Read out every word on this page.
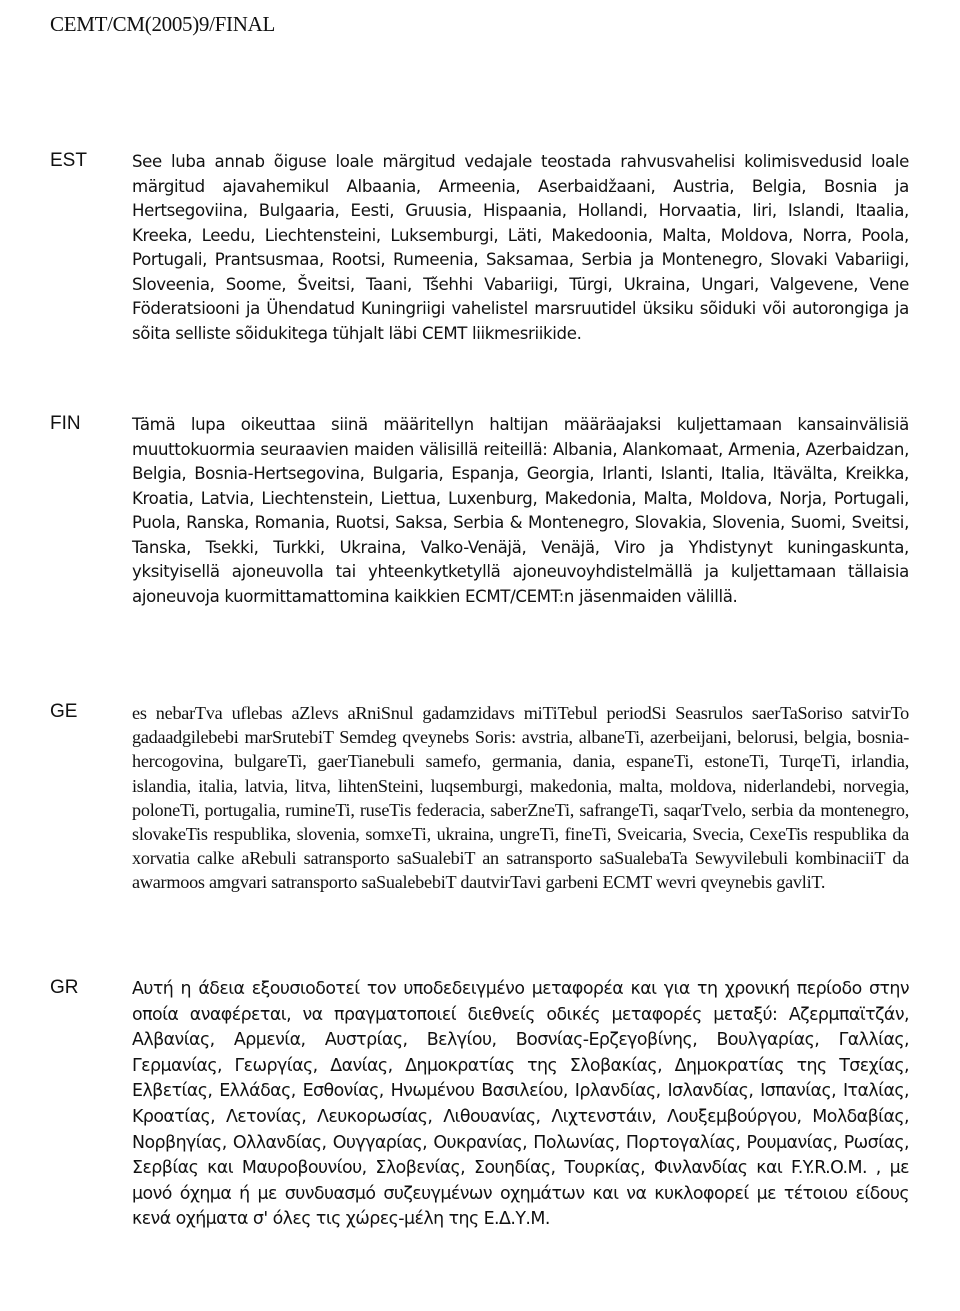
CEMT/CM(2005)9/FINAL
EST	See luba annab õiguse loale märgitud vedajale teostada rahvusvahelisi kolimisvedusid loale märgitud ajavahemikul Albaania, Armeenia, Aserbaidžaani, Austria, Belgia, Bosnia ja Hertsegoviina, Bulgaaria, Eesti, Gruusia, Hispaania, Hollandi, Horvaatia, Iiri, Islandi, Itaalia, Kreeka, Leedu, Liechtensteini, Luksemburgi, Läti, Makedoonia, Malta, Moldova, Norra, Poola, Portugali, Prantsusmaa, Rootsi, Rumeenia, Saksamaa, Serbia ja Montenegro, Slovaki Vabariigi, Sloveenia, Soome, Šveitsi, Taani, Tšehhi Vabariigi, Türgi, Ukraina, Ungari, Valgevene, Vene Föderatsiooni ja Ühendatud Kuningriigi vahelistel marsruutidel üksiku sõiduki või autorongiga ja sõita selliste sõidukitega tühjalt läbi CEMT liikmesriikide.

FIN	Tämä lupa oikeuttaa siinä määritellyn haltijan määräajaksi kuljettamaan kansainvälisiä muuttokuormia seuraavien maiden välisillä reiteillä: Albania, Alankomaat, Armenia, Azerbaidzan, Belgia, Bosnia-Hertsegovina, Bulgaria, Espanja, Georgia, Irlanti, Islanti, Italia, Itävälta, Kreikka, Kroatia, Latvia, Liechtenstein, Liettua, Luxenburg, Makedonia, Malta, Moldova, Norja, Portugali, Puola, Ranska, Romania, Ruotsi, Saksa, Serbia & Montenegro, Slovakia, Slovenia, Suomi, Sveitsi, Tanska, Tsekki, Turkki, Ukraina, Valko-Venäjä, Venäjä, Viro ja Yhdistynyt kuningaskunta, yksityisellä ajoneuvolla tai yhteenkytketyllä ajoneuvoyhdistelmällä ja kuljettamaan tällaisia ajoneuvoja kuormittamattomina kaikkien ECMT/CEMT:n jäsenmaiden välillä.

GE	es nebarTva uflebas aZlevs aRniSnul gadamzidavs miTiTebul periodSi Seasrulos saerTaSoriso satvirTo gadaadgilebebi marSrutebiT Semdeg qveynebs Soris: avstria, albaneTi, azerbeijani, belorusi, belgia, bosnia-hercogovina, bulgareTi, gaerTianebuli samefo, germania, dania, espaneTi, estoneTi, TurqeTi, irlandia, islandia, italia, latvia, litva, lihtenSteini, luqsemburgi, makedonia, malta, moldova, niderlandebi, norvegia, poloneTi, portugalia, rumineTi, ruseTis federacia, saberZneTi, safrangeTi, saqarTvelo, serbia da montenegro, slovakeTis respublika, slovenia, somxeTi, ukraina, ungreTi, fineTi, Sveicaria, Svecia, CexeTis respublika da xorvatia calke aRebuli satransporto saSualebiT an satransporto saSualebaTa Sewyvilebuli kombinaciiT da awarmoos amgvari satransporto saSualebebiT dautvirTavi garbeni ECMT wevri qveynebis gavliT.

GR	Αυτή η άδεια εξουσιοδοτεί τον υποδεδειγμένο μεταφορέα και για τη χρονική περίοδο στην οποία αναφέρεται, να πραγματοποιεί διεθνείς οδικές μεταφορές μεταξύ: Αζερμπαϊτζάν, Αλβανίας, Αρμενία, Αυστρίας, Βελγίου, Βοσνίας-Ερζεγοβίνης, Βουλγαρίας, Γαλλίας, Γερμανίας, Γεωργίας, Δανίας, Δημοκρατίας της Σλοβακίας, Δημοκρατίας της Τσεχίας, Ελβετίας, Ελλάδας, Εσθονίας, Ηνωμένου Βασιλείου, Ιρλανδίας, Ισλανδίας, Ισπανίας, Ιταλίας, Κροατίας, Λετονίας, Λευκορωσίας, Λιθουανίας, Λιχτενστάιν, Λουξεμβούργου, Μολδαβίας, Νορβηγίας, Ολλανδίας, Ουγγαρίας, Ουκρανίας, Πολωνίας, Πορτογαλίας, Ρουμανίας, Ρωσίας, Σερβίας και Μαυροβουνίου, Σλοβενίας, Σουηδίας, Τουρκίας, Φινλανδίας και F.Y.R.O.M. , με μονό όχημα ή με συνδυασμό συζευγμένων οχημάτων και να κυκλοφορεί με τέτοιου είδους κενά οχήματα σ' όλες τις χώρες-μέλη της Ε.Δ.Υ.Μ.
